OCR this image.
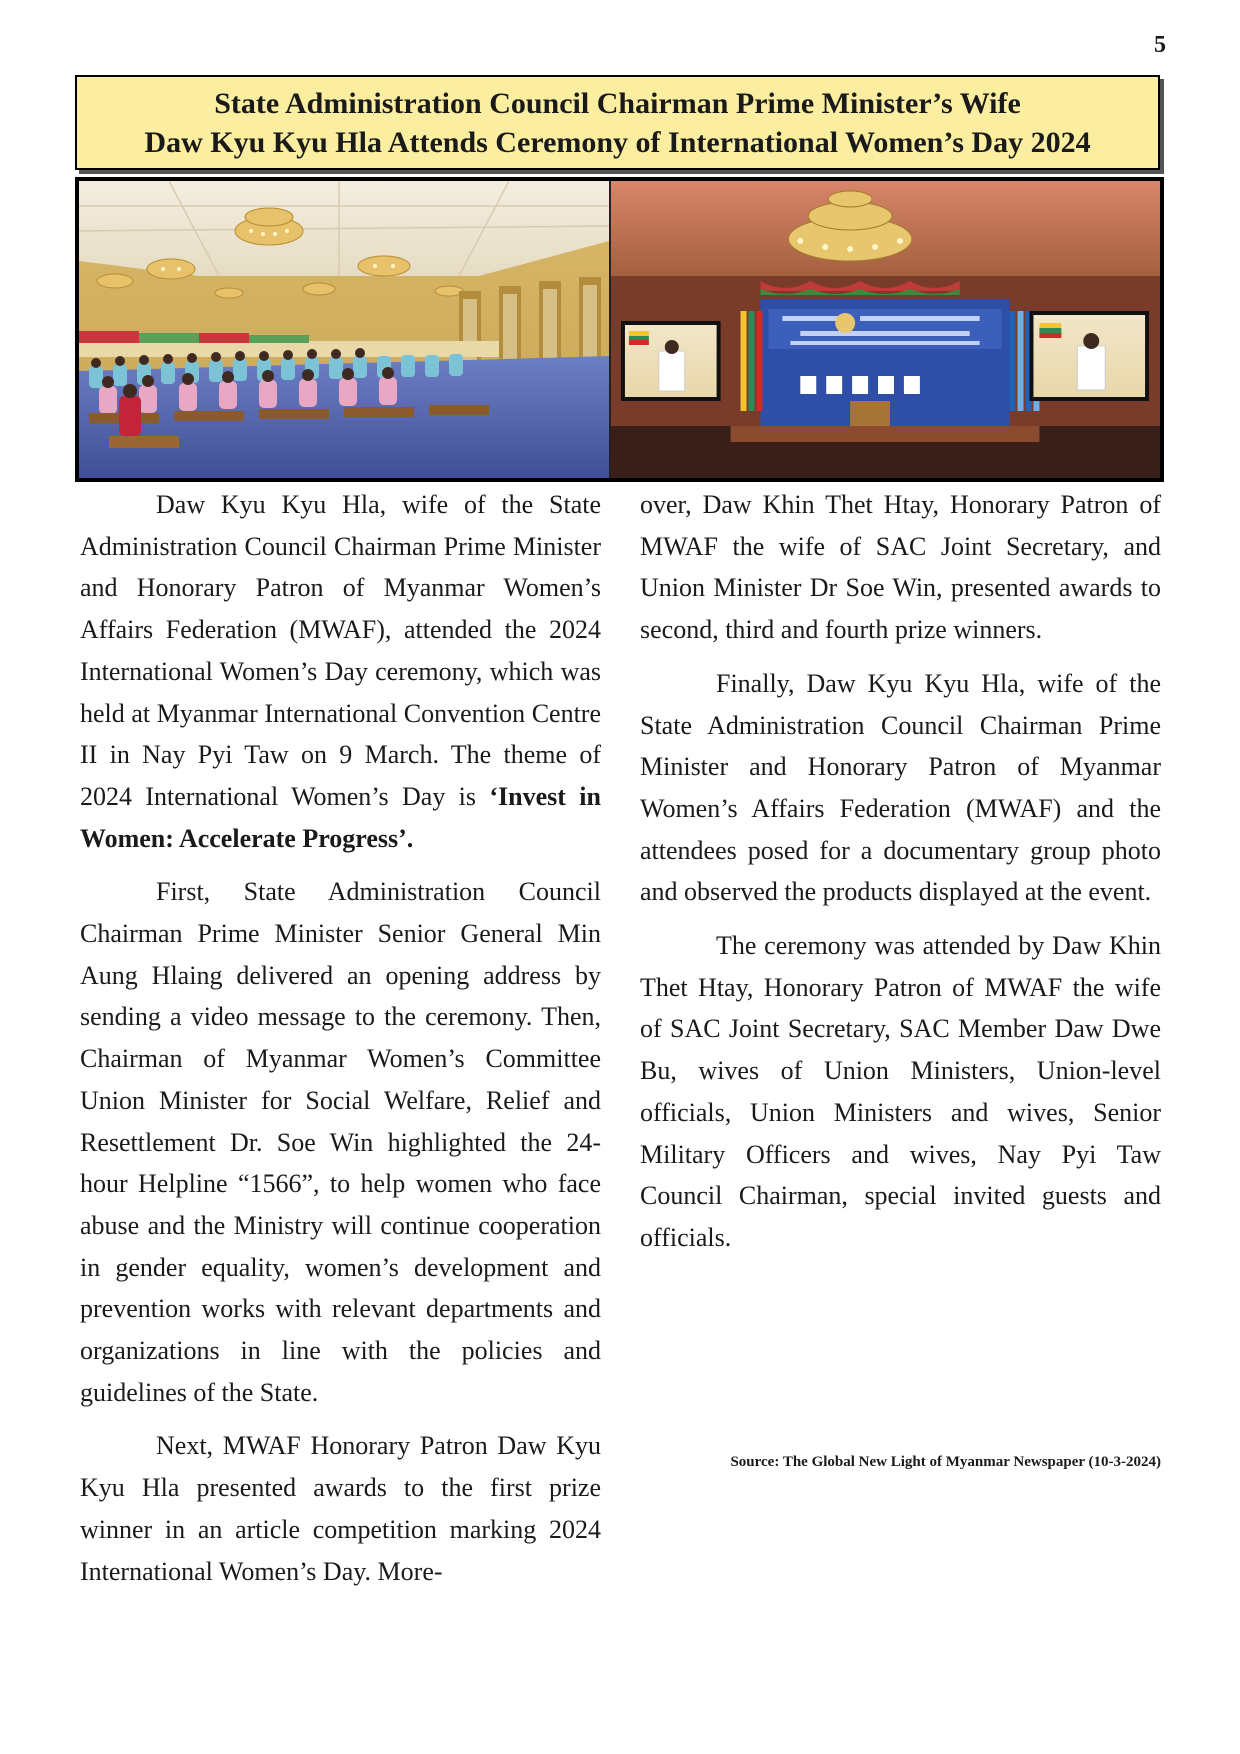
5
State Administration Council Chairman Prime Minister’s Wife
Daw Kyu Kyu Hla Attends Ceremony of International Women’s Day 2024

Daw Kyu Kyu Hla, wife of the State Administration Council Chairman Prime Minister and Honorary Patron of Myanmar Women’s Affairs Federation (MWAF), attended the 2024 International Women’s Day ceremony, which was held at Myanmar International Convention Centre II in Nay Pyi Taw on 9 March. The theme of 2024 International Women’s Day is ‘Invest in Women: Accelerate Progress’.

First, State Administration Council Chairman Prime Minister Senior General Min Aung Hlaing delivered an opening address by sending a video message to the ceremony. Then, Chairman of Myanmar Women’s Committee Union Minister for Social Welfare, Relief and Resettlement Dr. Soe Win highlighted the 24-hour Helpline “1566”, to help women who face abuse and the Ministry will continue cooperation in gender equality, women’s development and prevention works with relevant departments and organizations in line with the policies and guidelines of the State.

Next, MWAF Honorary Patron Daw Kyu Kyu Hla presented awards to the first prize winner in an article competition marking 2024 International Women’s Day. More-

over, Daw Khin Thet Htay, Honorary Patron of MWAF the wife of SAC Joint Secretary, and Union Minister Dr Soe Win, presented awards to second, third and fourth prize winners.

Finally, Daw Kyu Kyu Hla, wife of the State Administration Council Chairman Prime Minister and Honorary Patron of Myanmar Women’s Affairs Federation (MWAF) and the attendees posed for a documentary group photo and observed the products displayed at the event.

The ceremony was attended by Daw Khin Thet Htay, Honorary Patron of MWAF the wife of SAC Joint Secretary, SAC Member Daw Dwe Bu, wives of Union Ministers, Union-level officials, Union Ministers and wives, Senior Military Officers and wives, Nay Pyi Taw Council Chairman, special invited guests and officials.

Source: The Global New Light of Myanmar Newspaper (10-3-2024)
